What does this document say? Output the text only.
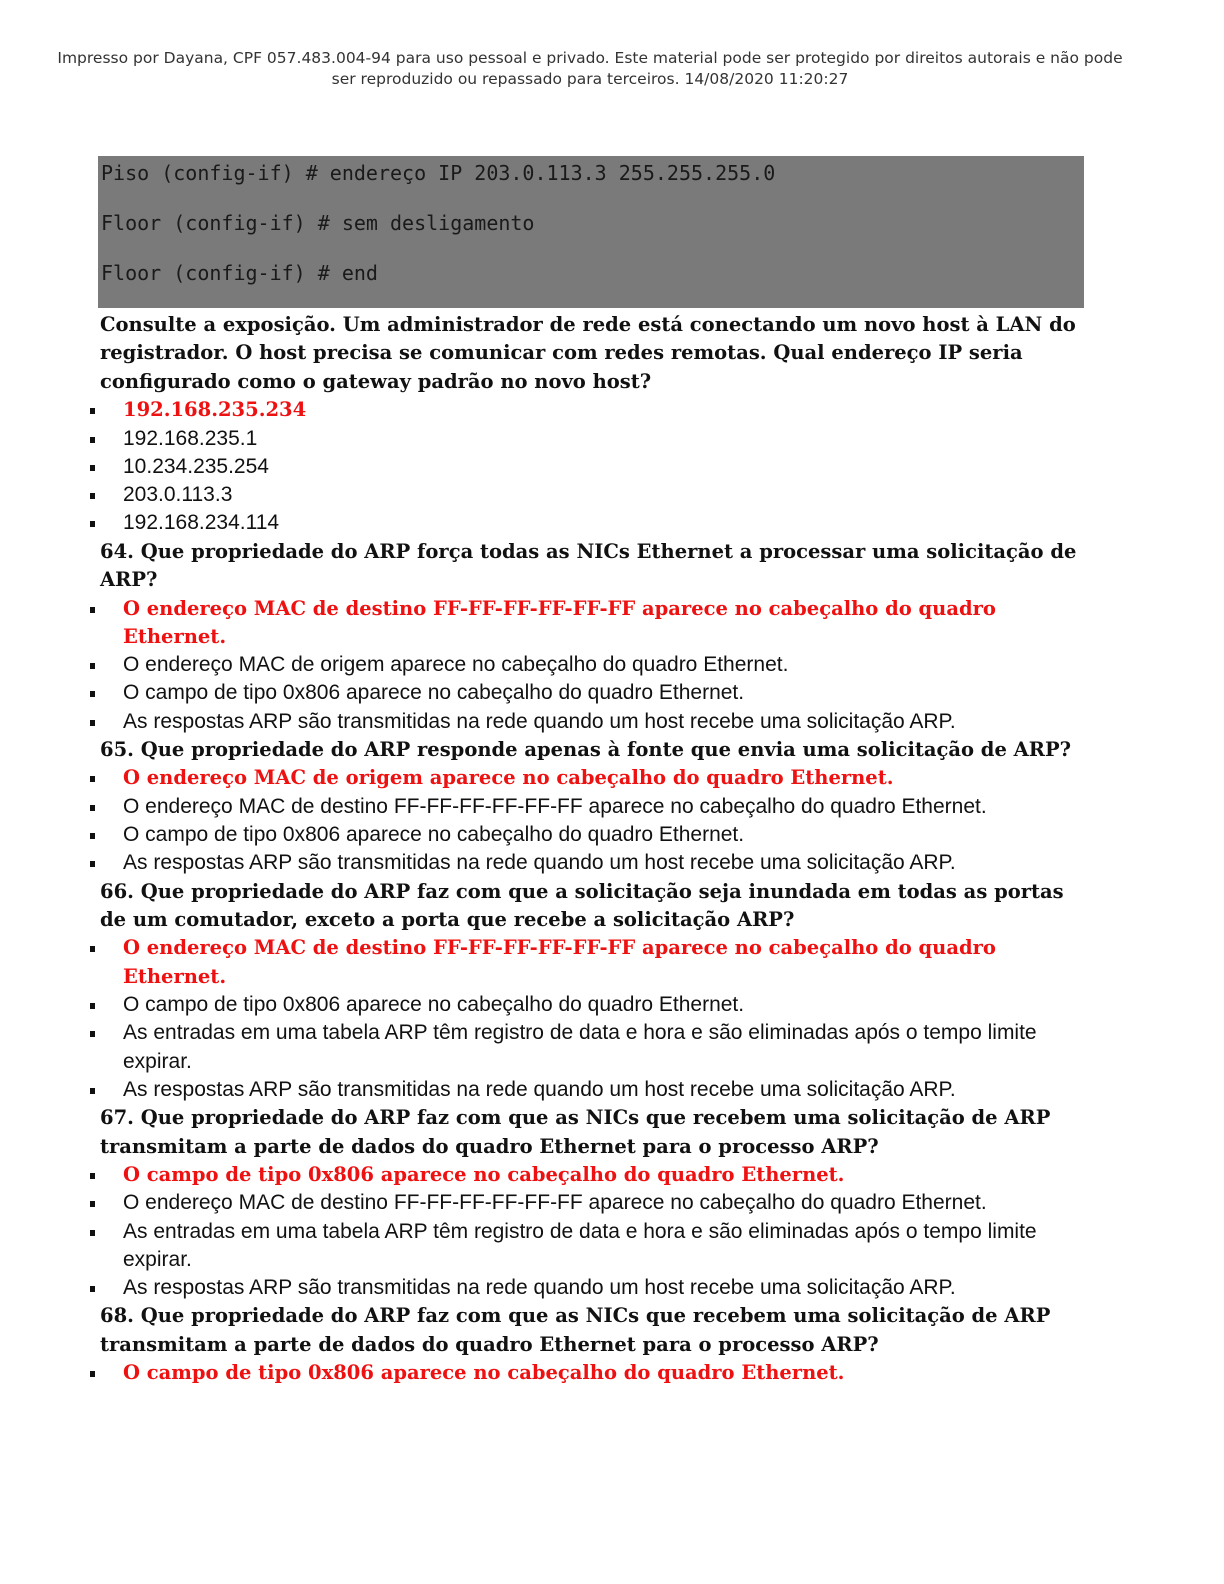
Impresso por Dayana, CPF 057.483.004-94 para uso pessoal e privado. Este material pode ser protegido por direitos autorais e não pode
ser reproduzido ou repassado para terceiros. 14/08/2020 11:20:27
Piso (config-if) # endereço IP 203.0.113.3 255.255.255.0
Floor (config-if) # sem desligamento
Floor (config-if) # end
Consulte a exposição. Um administrador de rede está conectando um novo host à LAN do registrador. O host precisa se comunicar com redes remotas. Qual endereço IP seria configurado como o gateway padrão no novo host?
192.168.235.234
192.168.235.1
10.234.235.254
203.0.113.3
192.168.234.114
64. Que propriedade do ARP força todas as NICs Ethernet a processar uma solicitação de ARP?
O endereço MAC de destino FF-FF-FF-FF-FF-FF aparece no cabeçalho do quadro Ethernet.
O endereço MAC de origem aparece no cabeçalho do quadro Ethernet.
O campo de tipo 0x806 aparece no cabeçalho do quadro Ethernet.
As respostas ARP são transmitidas na rede quando um host recebe uma solicitação ARP.
65. Que propriedade do ARP responde apenas à fonte que envia uma solicitação de ARP?
O endereço MAC de origem aparece no cabeçalho do quadro Ethernet.
O endereço MAC de destino FF-FF-FF-FF-FF-FF aparece no cabeçalho do quadro Ethernet.
O campo de tipo 0x806 aparece no cabeçalho do quadro Ethernet.
As respostas ARP são transmitidas na rede quando um host recebe uma solicitação ARP.
66. Que propriedade do ARP faz com que a solicitação seja inundada em todas as portas de um comutador, exceto a porta que recebe a solicitação ARP?
O endereço MAC de destino FF-FF-FF-FF-FF-FF aparece no cabeçalho do quadro Ethernet.
O campo de tipo 0x806 aparece no cabeçalho do quadro Ethernet.
As entradas em uma tabela ARP têm registro de data e hora e são eliminadas após o tempo limite expirar.
As respostas ARP são transmitidas na rede quando um host recebe uma solicitação ARP.
67. Que propriedade do ARP faz com que as NICs que recebem uma solicitação de ARP transmitam a parte de dados do quadro Ethernet para o processo ARP?
O campo de tipo 0x806 aparece no cabeçalho do quadro Ethernet.
O endereço MAC de destino FF-FF-FF-FF-FF-FF aparece no cabeçalho do quadro Ethernet.
As entradas em uma tabela ARP têm registro de data e hora e são eliminadas após o tempo limite expirar.
As respostas ARP são transmitidas na rede quando um host recebe uma solicitação ARP.
68. Que propriedade do ARP faz com que as NICs que recebem uma solicitação de ARP transmitam a parte de dados do quadro Ethernet para o processo ARP?
O campo de tipo 0x806 aparece no cabeçalho do quadro Ethernet.
